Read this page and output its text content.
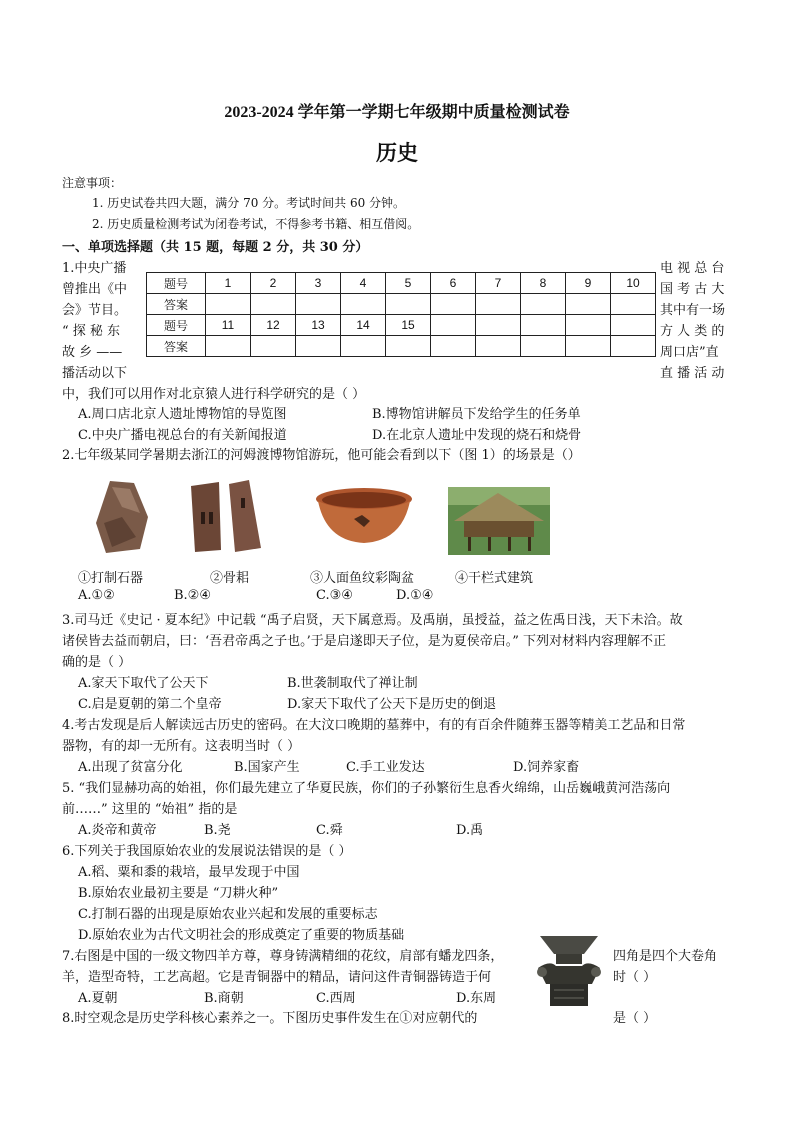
2023-2024 学年第一学期七年级期中质量检测试卷
历史
注意事项：
1. 历史试卷共四大题，满分 70 分。考试时间共 60 分钟。
2. 历史质量检测考试为闭卷考试，不得参考书籍、相互借阅。
一、单项选择题（共 15 题，每题 2 分，共 30 分）
1.中央广播
曾推出《中
会》节目。
“ 探 秘 东
故 乡 ——
播活动以下
电 视 总 台
国 考 古 大
其中有一场
方 人 类 的
周口店”直
直 播 活 动
题号	1	2	3	4	5	6	7	8	9	10
答案										
题号	11	12	13	14	15					
答案										
中，我们可以用作对北京猿人进行科学研究的是（ ）
A.周口店北京人遗址博物馆的导览图	B.博物馆讲解员下发给学生的任务单
C.中央广播电视总台的有关新闻报道	D.在北京人遗址中发现的烧石和烧骨
2.七年级某同学暑期去浙江的河姆渡博物馆游玩，他可能会看到以下（图 1）的场景是（）
①打制石器	②骨耜	③人面鱼纹彩陶盆	④干栏式建筑
A.①②	B.②④	C.③④	D.①④
3.司马迁《史记 · 夏本纪》中记载 “禹子启贤，天下属意焉。及禹崩，虽授益，益之佐禹日浅，天下未洽。故
诸侯皆去益而朝启，曰：‘吾君帝禹之子也。’于是启遂即天子位，是为夏侯帝启。” 下列对材料内容理解不正
确的是（ ）
A.家天下取代了公天下	B.世袭制取代了禅让制
C.启是夏朝的第二个皇帝	D.家天下取代了公天下是历史的倒退
4.考古发现是后人解读远古历史的密码。在大汶口晚期的墓葬中，有的有百余件随葬玉器等精美工艺品和日常
器物，有的却一无所有。这表明当时（ ）
A.出现了贫富分化	B.国家产生	C.手工业发达	D.饲养家畜
5. “我们显赫功高的始祖，你们最先建立了华夏民族，你们的子孙繁衍生息香火绵绵，山岳巍峨黄河浩荡向
前……” 这里的 “始祖” 指的是
A.炎帝和黄帝	B.尧	C.舜	D.禹
6.下列关于我国原始农业的发展说法错误的是（ ）
A.稻、粟和黍的栽培，最早发现于中国
B.原始农业最初主要是 “刀耕火种”
C.打制石器的出现是原始农业兴起和发展的重要标志
D.原始农业为古代文明社会的形成奠定了重要的物质基础
7.右图是中国的一级文物四羊方尊，尊身铸满精细的花纹，肩部有蟠龙四条，	四角是四个大卷角
羊，造型奇特，工艺高超。它是青铜器中的精品，请问这件青铜器铸造于何	时（ ）
A.夏朝	B.商朝	C.西周	D.东周
8.时空观念是历史学科核心素养之一。下图历史事件发生在①对应朝代的	是（ ）
